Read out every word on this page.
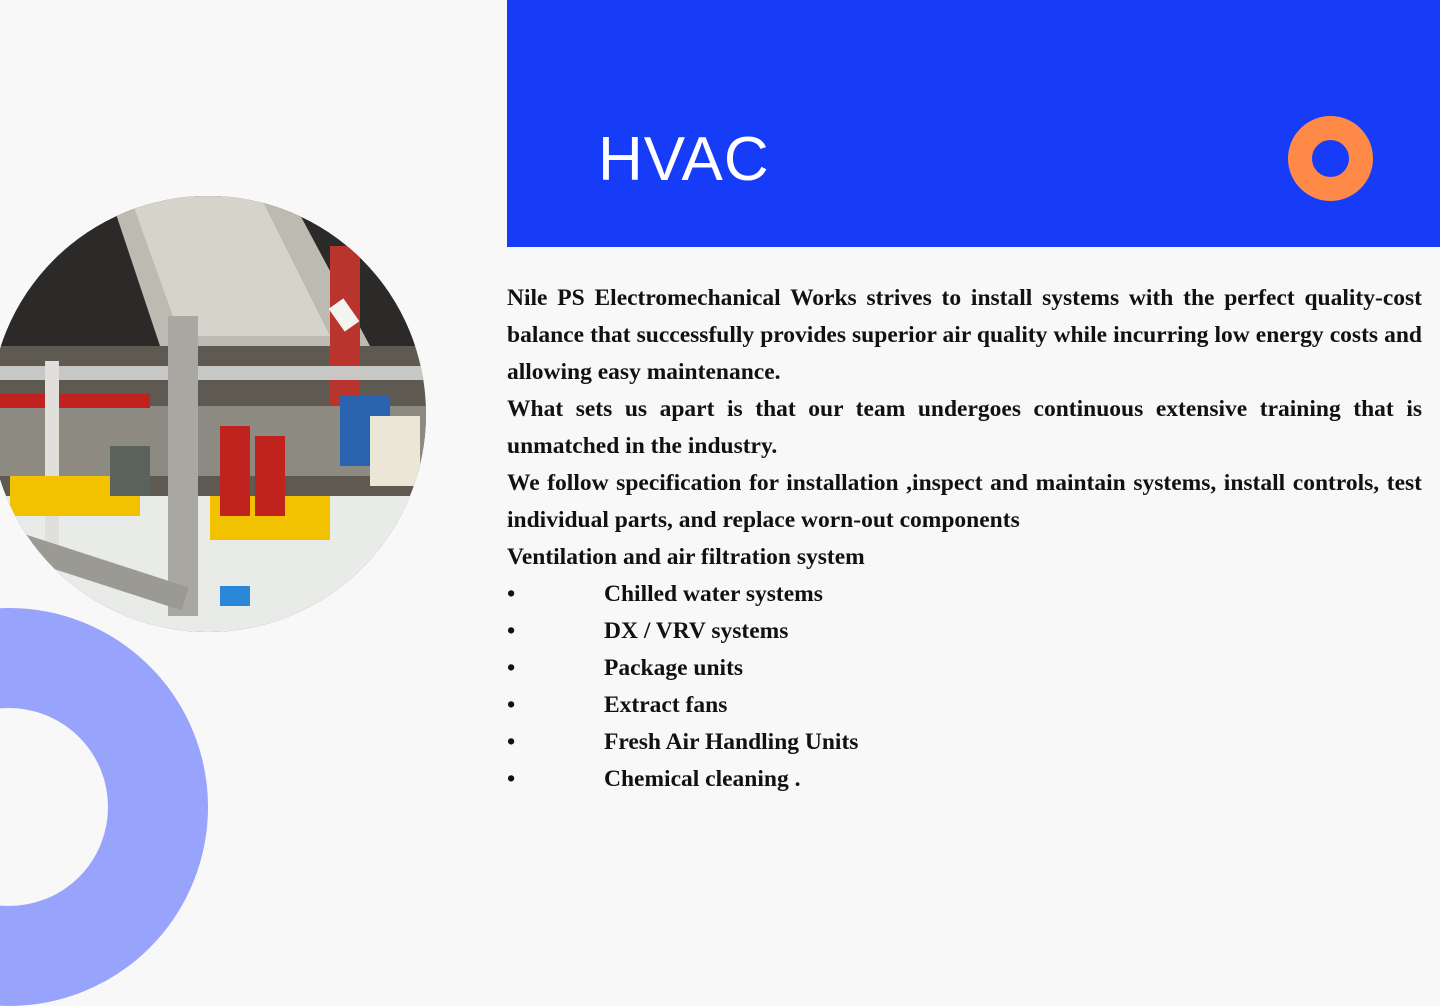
HVAC

Nile PS Electromechanical Works strives to install systems with the perfect quality-cost balance that successfully provides superior air quality while incurring low energy costs and allowing easy maintenance.

What sets us apart is that our team undergoes continuous extensive training that is unmatched in the industry.

We follow specification for installation ,inspect and maintain systems, install controls, test individual parts, and replace worn-out components

Ventilation and air filtration system

•	Chilled water systems
•	DX / VRV systems
•	Package units
•	Extract fans
•	Fresh Air Handling Units
•	Chemical cleaning .
